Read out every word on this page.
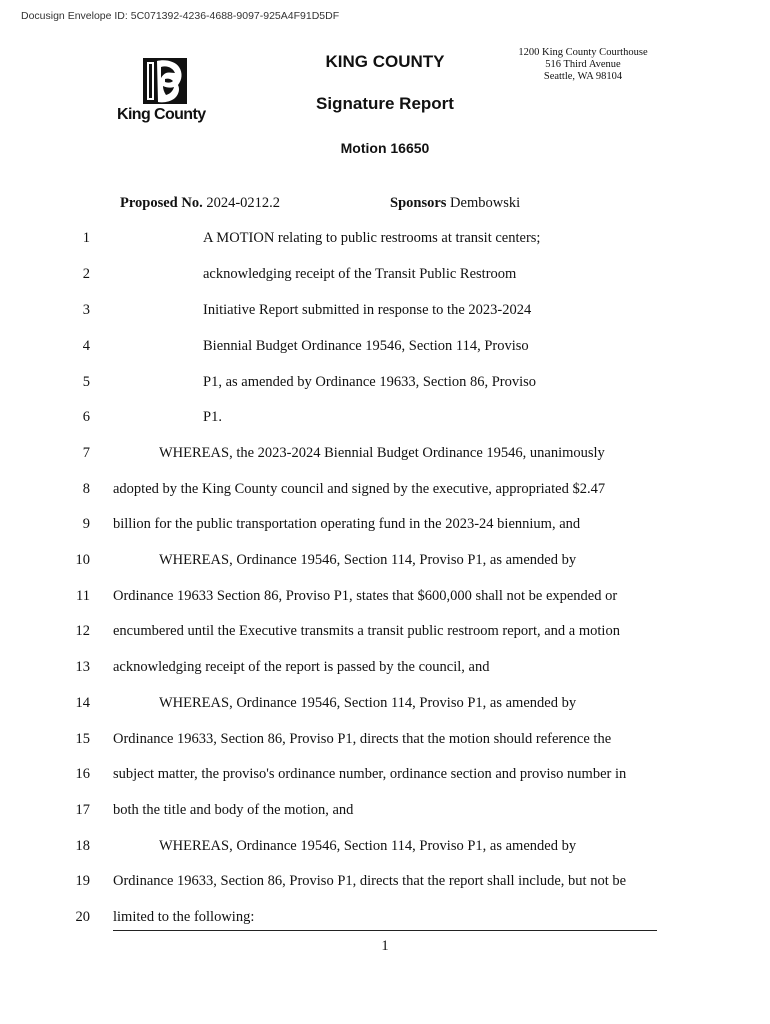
Docusign Envelope ID: 5C071392-4236-4688-9097-925A4F91D5DF
King County
KING COUNTY	1200 King County Courthouse
516 Third Avenue
Seattle, WA 98104
Signature Report
Motion 16650
Proposed No. 2024-0212.2	Sponsors Dembowski
1	A MOTION relating to public restrooms at transit centers;
2	acknowledging receipt of the Transit Public Restroom
3	Initiative Report submitted in response to the 2023-2024
4	Biennial Budget Ordinance 19546, Section 114, Proviso
5	P1, as amended by Ordinance 19633, Section 86, Proviso
6	P1.
7	WHEREAS, the 2023-2024 Biennial Budget Ordinance 19546, unanimously
8 adopted by the King County council and signed by the executive, appropriated $2.47
9 billion for the public transportation operating fund in the 2023-24 biennium, and
10	WHEREAS, Ordinance 19546, Section 114, Proviso P1, as amended by
11 Ordinance 19633 Section 86, Proviso P1, states that $600,000 shall not be expended or
12 encumbered until the Executive transmits a transit public restroom report, and a motion
13 acknowledging receipt of the report is passed by the council, and
14	WHEREAS, Ordinance 19546, Section 114, Proviso P1, as amended by
15 Ordinance 19633, Section 86, Proviso P1, directs that the motion should reference the
16 subject matter, the proviso's ordinance number, ordinance section and proviso number in
17 both the title and body of the motion, and
18	WHEREAS, Ordinance 19546, Section 114, Proviso P1, as amended by
19 Ordinance 19633, Section 86, Proviso P1, directs that the report shall include, but not be
20 limited to the following:
1
